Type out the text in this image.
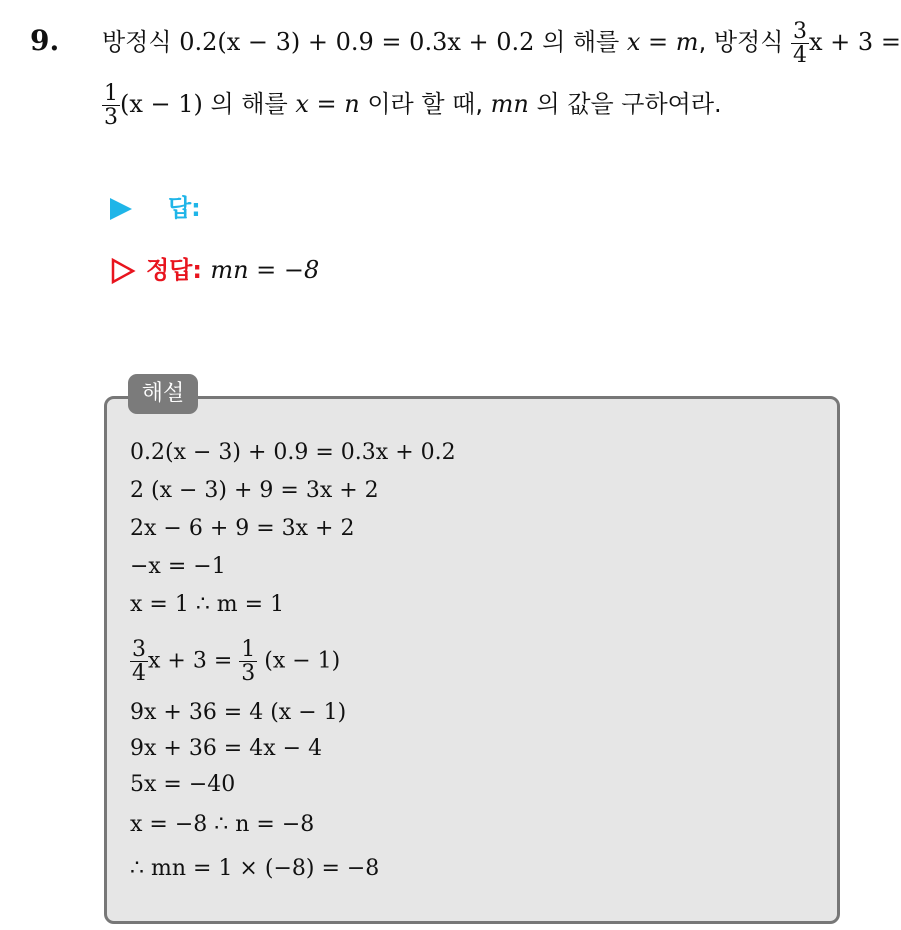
9. 방정식 0.2(x − 3) + 0.9 = 0.3x + 0.2 의 해를 x = m, 방정식 $\frac{3}{4}$ x + 3 =
$\frac{1}{3} (x - 1)$ 의 해를 x = n 이라 할 때, mn 의 값을 구하여라.
답:
정답: mn = −8
해설
0.2(x − 3) + 0.9 = 0.3x + 0.2
2 (x − 3) + 9 = 3x + 2
2x − 6 + 9 = 3x + 2
−x = −1
x = 1 ∴ m = 1
$\frac{3}{4}$ $x + 3 = \frac{1}{3} (x - 1)$
9x + 36 = 4 (x − 1)
9x + 36 = 4x − 4
5x = −40
x = −8 ∴ n = −8
∴ mn = 1 × (−8) = −8
